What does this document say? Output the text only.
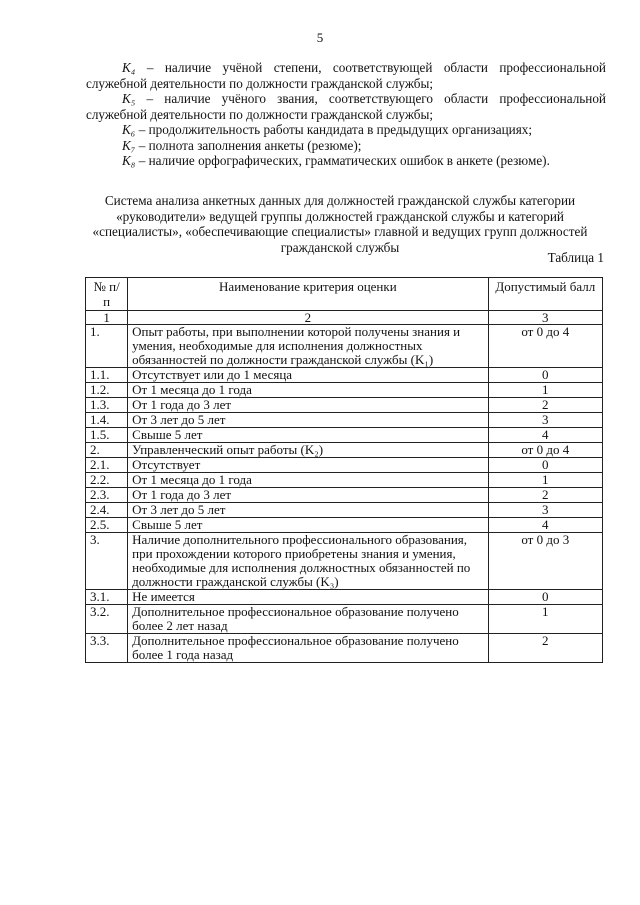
5

K₄ – наличие учёной степени, соответствующей области профессиональной служебной деятельности по должности гражданской службы;

K₅ – наличие учёного звания, соответствующего области профессиональной служебной деятельности по должности гражданской службы;

K₆ – продолжительность работы кандидата в предыдущих организациях;

K₇ – полнота заполнения анкеты (резюме);

K₈ – наличие орфографических, грамматических ошибок в анкете (резюме).

Система анализа анкетных данных для должностей гражданской службы категории «руководители» ведущей группы должностей гражданской службы и категорий «специалисты», «обеспечивающие специалисты» главной и ведущих групп должностей гражданской службы

Таблица 1
№ п/п	Наименование критерия оценки	Допустимый балл
1	2	3
1.	Опыт работы, при выполнении которой получены знания и умения, необходимые для исполнения должностных обязанностей по должности гражданской службы (K₁)	от 0 до 4
1.1.	Отсутствует или до 1 месяца	0
1.2.	От 1 месяца до 1 года	1
1.3.	От 1 года до 3 лет	2
1.4.	От 3 лет до 5 лет	3
1.5.	Свыше 5 лет	4
2.	Управленческий опыт работы (K₂)	от 0 до 4
2.1.	Отсутствует	0
2.2.	От 1 месяца до 1 года	1
2.3.	От 1 года до 3 лет	2
2.4.	От 3 лет до 5 лет	3
2.5.	Свыше 5 лет	4
3.	Наличие дополнительного профессионального образования, при прохождении которого приобретены знания и умения, необходимые для исполнения должностных обязанностей по должности гражданской службы (K₃)	от 0 до 3
3.1.	Не имеется	0
3.2.	Дополнительное профессиональное образование получено более 2 лет назад	1
3.3.	Дополнительное профессиональное образование получено более 1 года назад	2
